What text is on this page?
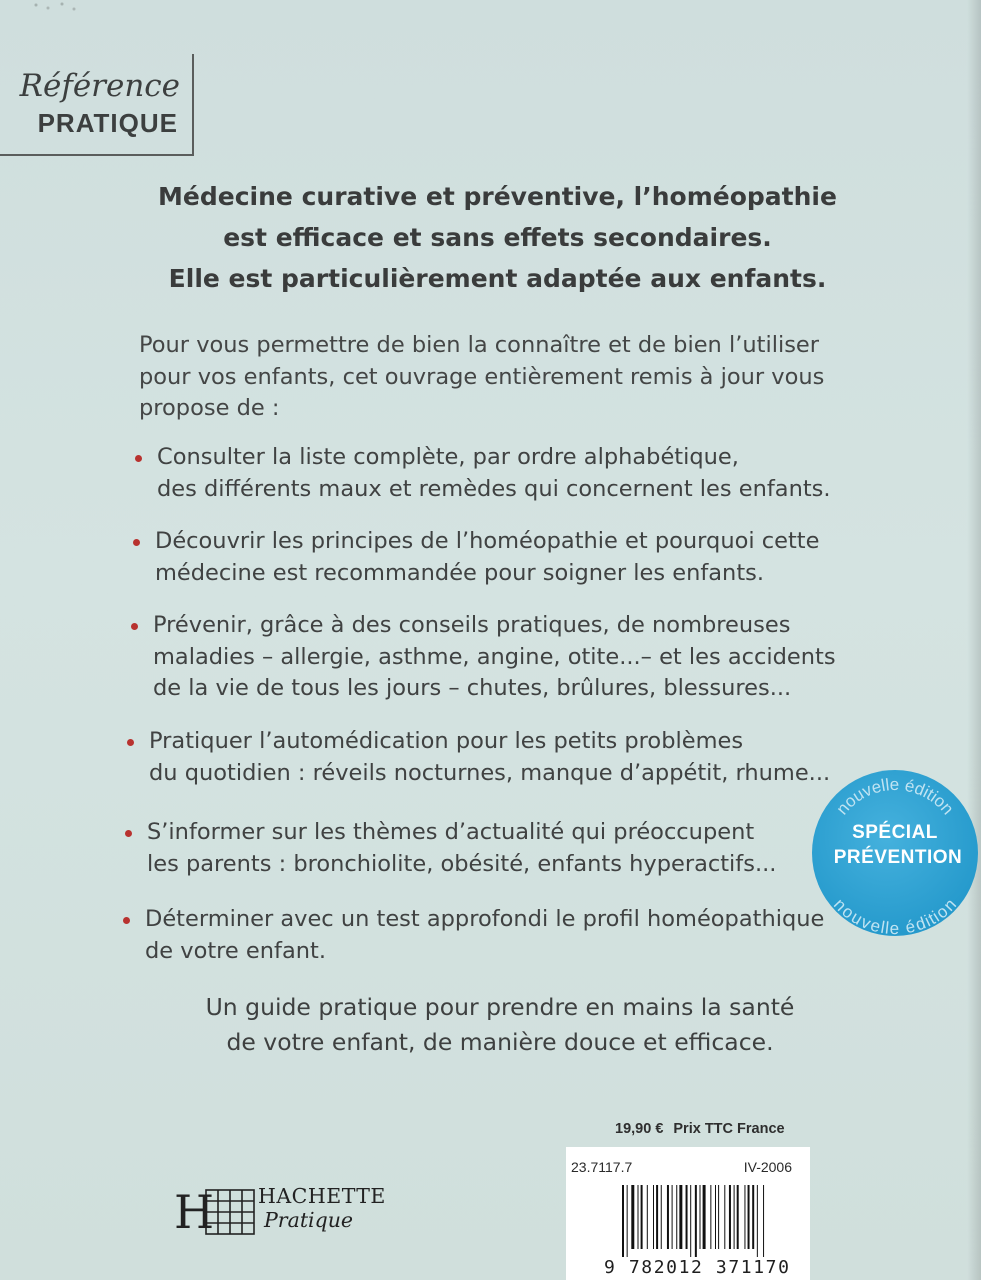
Référence
PRATIQUE
Médecine curative et préventive, l’homéopathie
est efficace et sans effets secondaires.
Elle est particulièrement adaptée aux enfants.
Pour vous permettre de bien la connaître et de bien l’utiliser
pour vos enfants, cet ouvrage entièrement remis à jour vous
propose de :
Consulter la liste complète, par ordre alphabétique,
des différents maux et remèdes qui concernent les enfants.
Découvrir les principes de l’homéopathie et pourquoi cette
médecine est recommandée pour soigner les enfants.
Prévenir, grâce à des conseils pratiques, de nombreuses
maladies – allergie, asthme, angine, otite...– et les accidents
de la vie de tous les jours – chutes, brûlures, blessures...
Pratiquer l’automédication pour les petits problèmes
du quotidien : réveils nocturnes, manque d’appétit, rhume...
S’informer sur les thèmes d’actualité qui préoccupent
les parents : bronchiolite, obésité, enfants hyperactifs...
Déterminer avec un test approfondi le profil homéopathique
de votre enfant.
Un guide pratique pour prendre en mains la santé
de votre enfant, de manière douce et efficace.
nouvelle édition
nouvelle édition
SPÉCIAL
PRÉVENTION
19,90 € Prix TTC France
23.7117.7	IV-2006
9 782012 371170
H HACHETTE
Pratique
